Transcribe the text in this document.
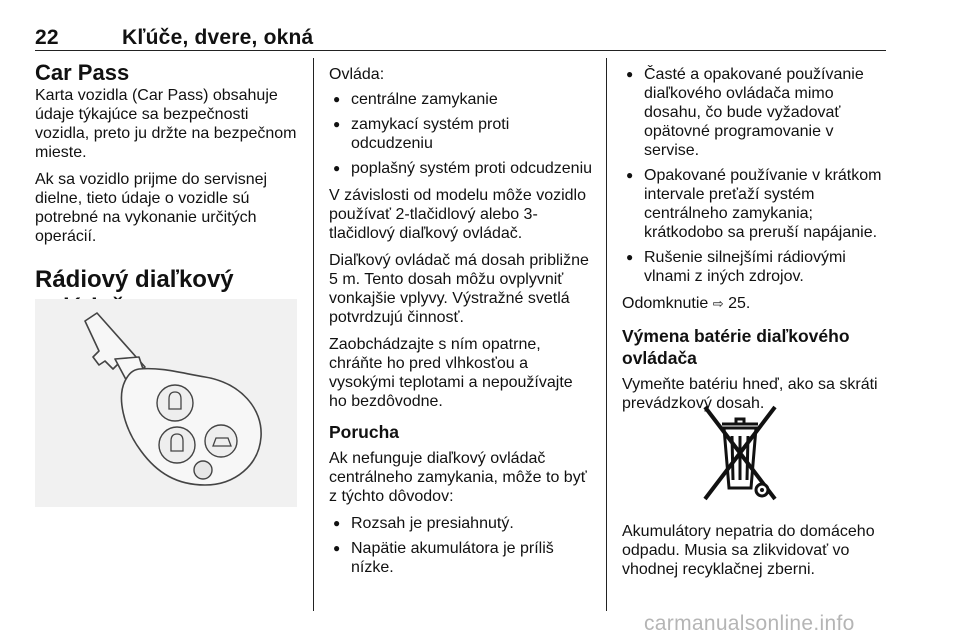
22	Kľúče, dvere, okná
Car Pass

Karta vozidla (Car Pass) obsahuje údaje týkajúce sa bezpečnosti vozidla, preto ju držte na bezpečnom mieste.

Ak sa vozidlo prijme do servisnej dielne, tieto údaje o vozidle sú potrebné na vykonanie určitých operácií.

Rádiový diaľkový

Ovláda:

● centrálne zamykanie
● zamykací systém proti odcudzeniu
● poplašný systém proti odcudzeniu

V závislosti od modelu môže vozidlo používať 2-tlačidlový alebo 3-tlačidlový diaľkový ovládač.

Diaľkový ovládač má dosah približne 5 m. Tento dosah môžu ovplyvniť vonkajšie vplyvy. Výstražné svetlá potvrdzujú činnosť.

Zaobchádzajte s ním opatrne, chráňte ho pred vlhkosťou a vysokými teplotami a nepoužívajte ho bezdôvodne.

Porucha

Ak nefunguje diaľkový ovládač centrálneho zamykania, môže to byť z týchto dôvodov:

● Rozsah je presiahnutý.
● Napätie akumulátora je príliš nízke.
● Časté a opakované používanie diaľkového ovládača mimo dosahu, čo bude vyžadovať opätovné programovanie v servise.
● Opakované používanie v krátkom intervale preťaží systém centrálneho zamykania; krátkodobo sa preruší napájanie.
● Rušenie silnejšími rádiovými vlnami z iných zdrojov.

Odomknutie ⇨ 25.

Výmena batérie diaľkového ovládača

Vymeňte batériu hneď, ako sa skráti prevádzkový dosah.

Akumulátory nepatria do domáceho odpadu. Musia sa zlikvidovať vo vhodnej recyklačnej zberni.

carmanualsonline.info
